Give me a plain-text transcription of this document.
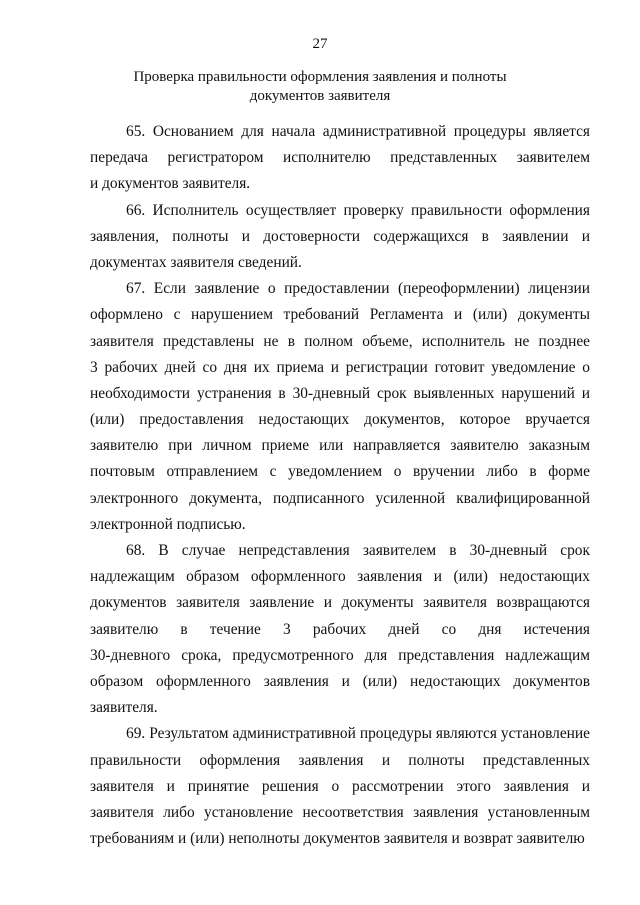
27
Проверка правильности оформления заявления и полноты
документов заявителя
65. Основанием для начала административной процедуры является
передача регистратором исполнителю представленных заявителем
и документов заявителя.
66. Исполнитель осуществляет проверку правильности оформления
заявления, полноты и достоверности содержащихся в заявлении и
документах заявителя сведений.
67. Если заявление о предоставлении (переоформлении) лицензии
оформлено с нарушением требований Регламента и (или) документы
заявителя представлены не в полном объеме, исполнитель не позднее
3 рабочих дней со дня их приема и регистрации готовит уведомление о
необходимости устранения в 30-дневный срок выявленных нарушений и
(или) предоставления недостающих документов, которое вручается
заявителю при личном приеме или направляется заявителю заказным
почтовым отправлением с уведомлением о вручении либо в форме
электронного документа, подписанного усиленной квалифицированной
электронной подписью.
68. В случае непредставления заявителем в 30-дневный срок
надлежащим образом оформленного заявления и (или) недостающих
документов заявителя заявление и документы заявителя возвращаются
заявителю в течение 3 рабочих дней со дня истечения
30-дневного срока, предусмотренного для представления надлежащим
образом оформленного заявления и (или) недостающих документов
заявителя.
69. Результатом административной процедуры являются установление
правильности оформления заявления и полноты представленных
заявителя и принятие решения о рассмотрении этого заявления и
заявителя либо установление несоответствия заявления установленным
требованиям и (или) неполноты документов заявителя и возврат заявителю
